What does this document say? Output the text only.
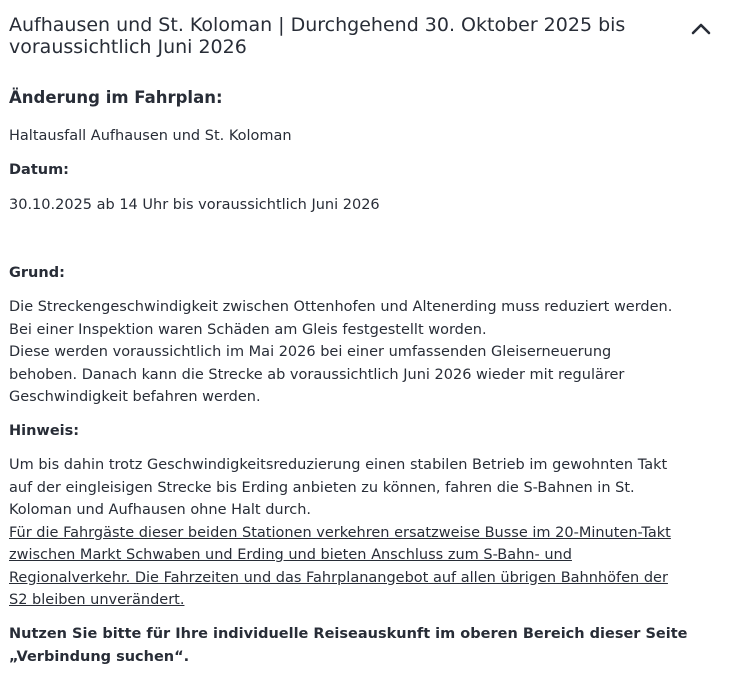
Aufhausen und St. Koloman | Durchgehend 30. Oktober 2025 bis
voraussichtlich Juni 2026
Änderung im Fahrplan:

Haltausfall Aufhausen und St. Koloman

Datum:

30.10.2025 ab 14 Uhr bis voraussichtlich Juni 2026

Grund:

Die Streckengeschwindigkeit zwischen Ottenhofen und Altenerding muss reduziert werden.
Bei einer Inspektion waren Schäden am Gleis festgestellt worden.
Diese werden voraussichtlich im Mai 2026 bei einer umfassenden Gleiserneuerung
behoben. Danach kann die Strecke ab voraussichtlich Juni 2026 wieder mit regulärer
Geschwindigkeit befahren werden.

Hinweis:

Um bis dahin trotz Geschwindigkeitsreduzierung einen stabilen Betrieb im gewohnten Takt
auf der eingleisigen Strecke bis Erding anbieten zu können, fahren die S-Bahnen in St.
Koloman und Aufhausen ohne Halt durch.
Für die Fahrgäste dieser beiden Stationen verkehren ersatzweise Busse im 20-Minuten-Takt
zwischen Markt Schwaben und Erding und bieten Anschluss zum S-Bahn- und
Regionalverkehr. Die Fahrzeiten und das Fahrplanangebot auf allen übrigen Bahnhöfen der
S2 bleiben unverändert.

Nutzen Sie bitte für Ihre individuelle Reiseauskunft im oberen Bereich dieser Seite
„Verbindung suchen“.
